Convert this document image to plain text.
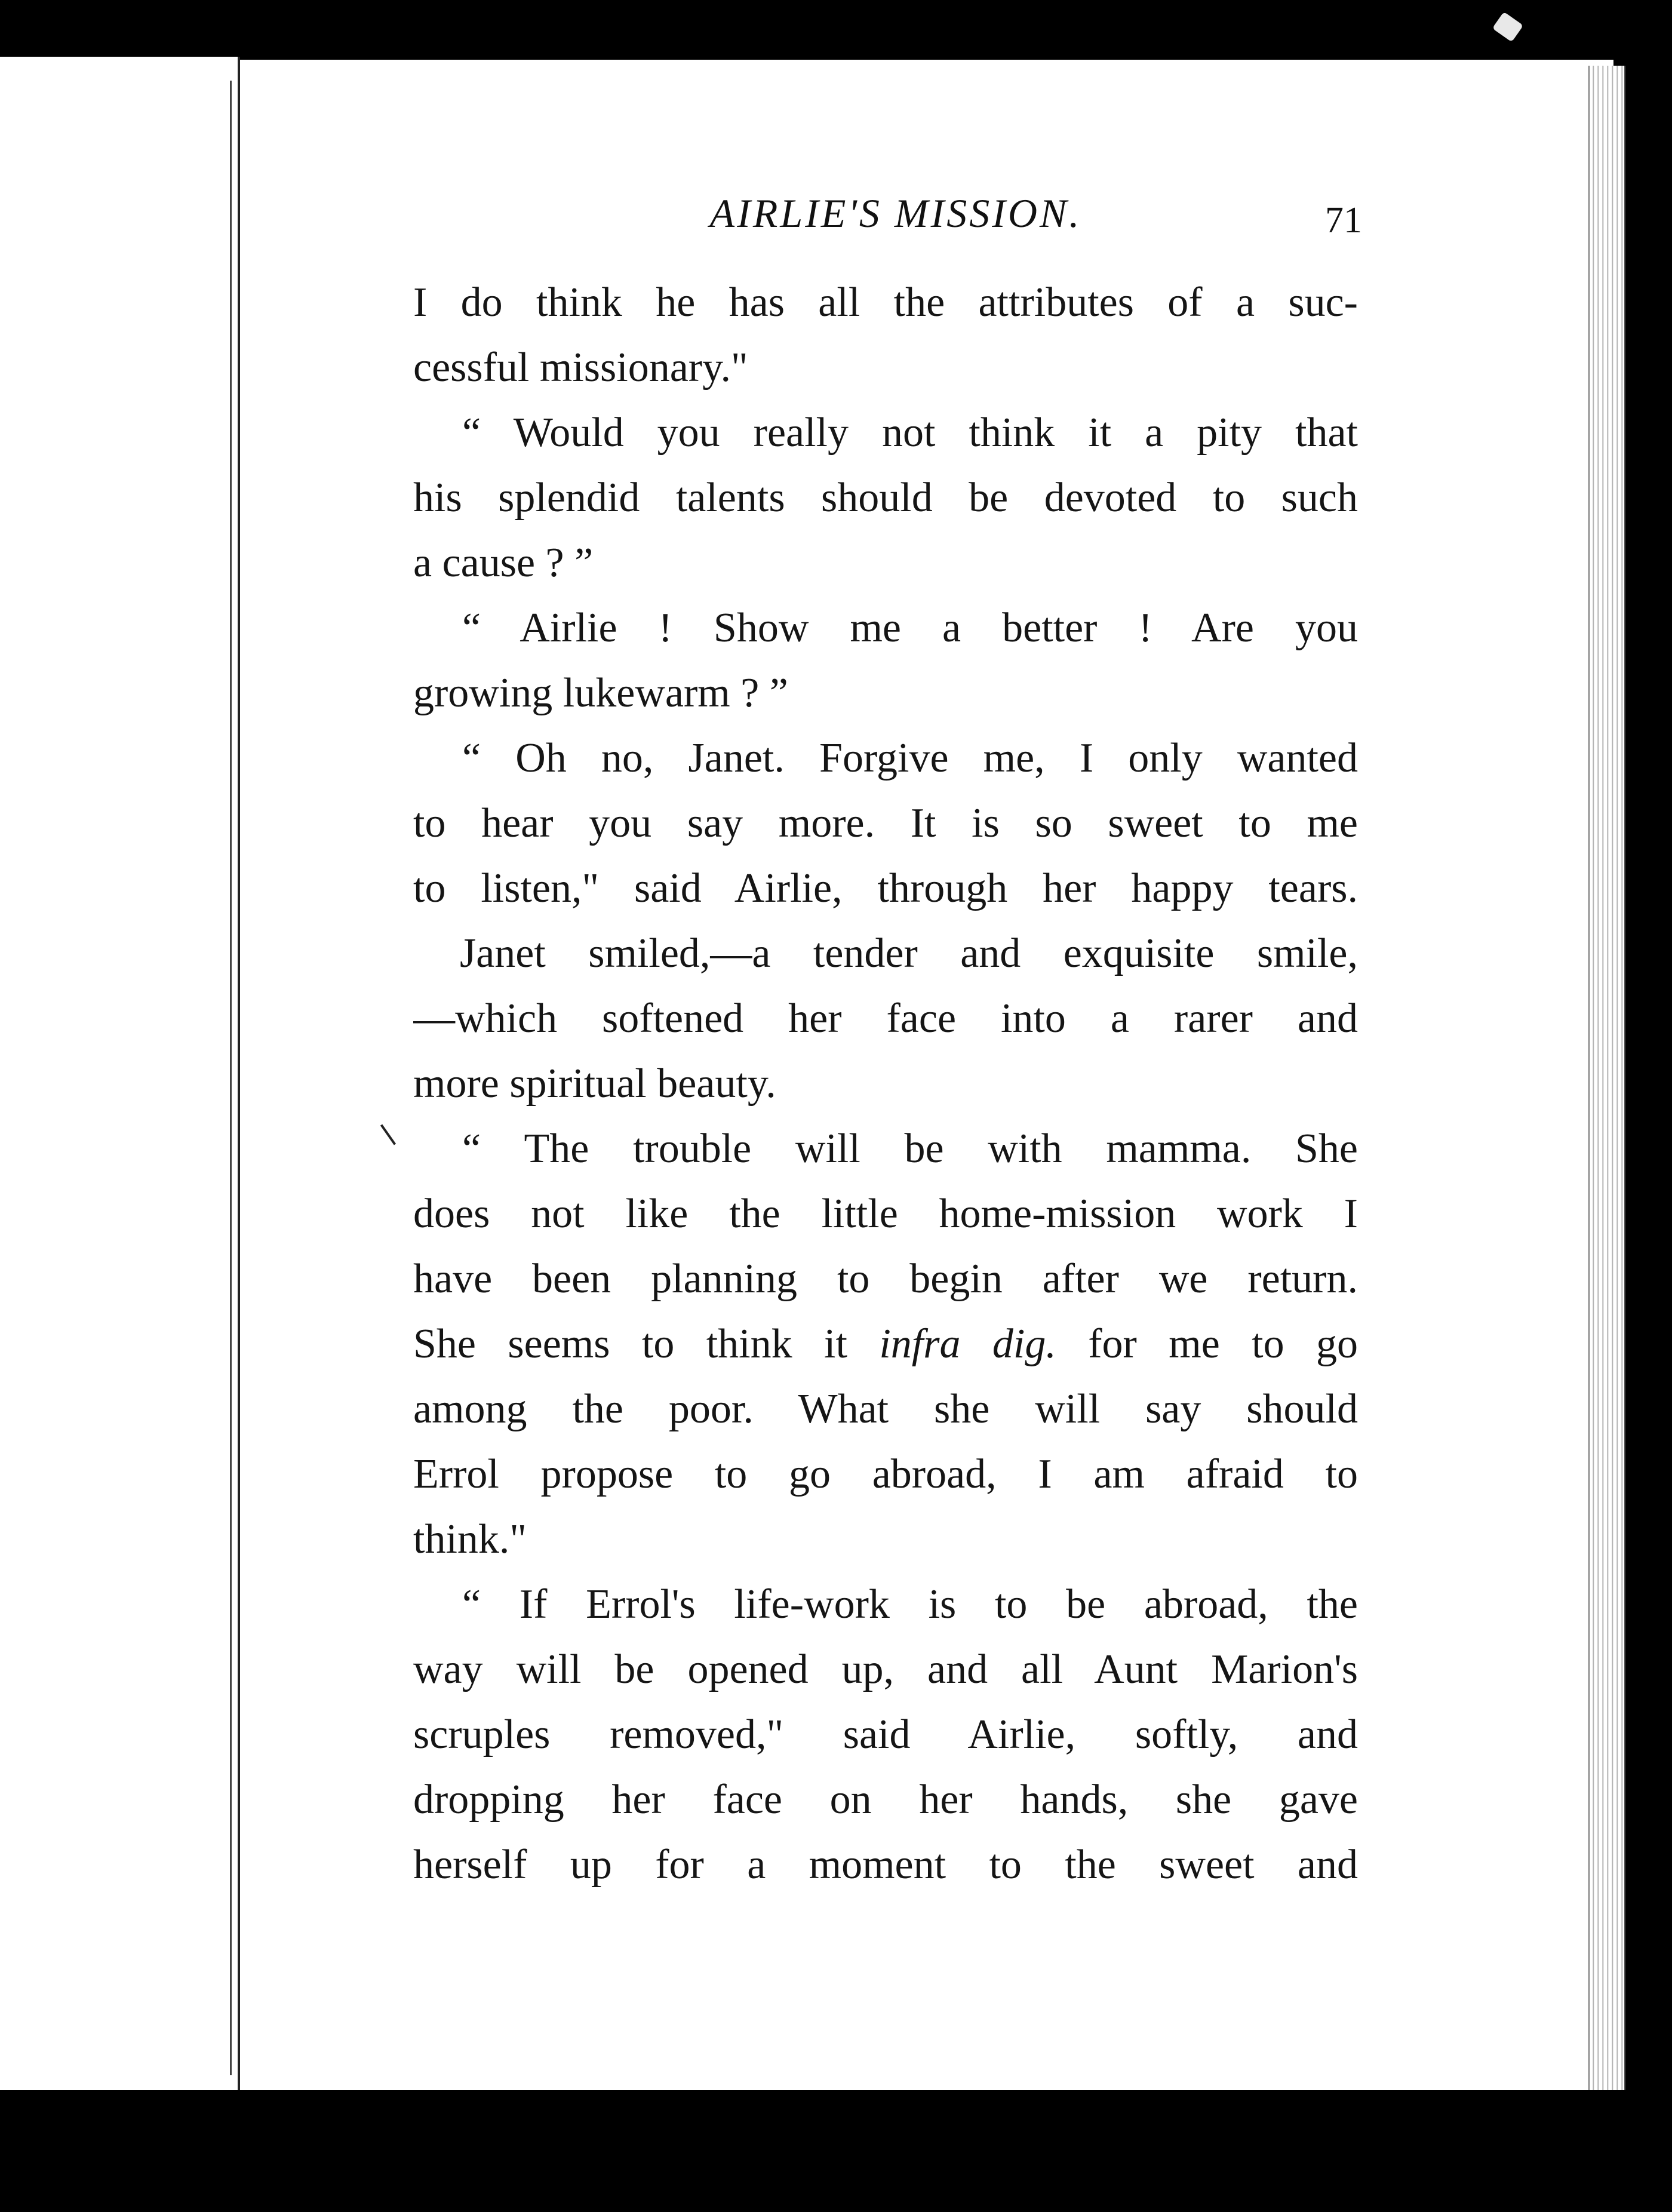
AIRLIE'S MISSION.	71
I do think he has all the attributes of a suc-
cessful missionary."
“ Would you really not think it a pity that
his splendid talents should be devoted to such
a cause ? ”
“ Airlie ! Show me a better ! Are you
growing lukewarm ? ”
“ Oh no, Janet. Forgive me, I only wanted
to hear you say more. It is so sweet to me
to listen," said Airlie, through her happy tears.
Janet smiled,—a tender and exquisite smile,
—which softened her face into a rarer and
more spiritual beauty.
“ The trouble will be with mamma. She
does not like the little home-mission work I
have been planning to begin after we return.
She seems to think it infra dig. for me to go
among the poor. What she will say should
Errol propose to go abroad, I am afraid to
think."
“ If Errol's life-work is to be abroad, the
way will be opened up, and all Aunt Marion's
scruples removed," said Airlie, softly, and
dropping her face on her hands, she gave
herself up for a moment to the sweet and
